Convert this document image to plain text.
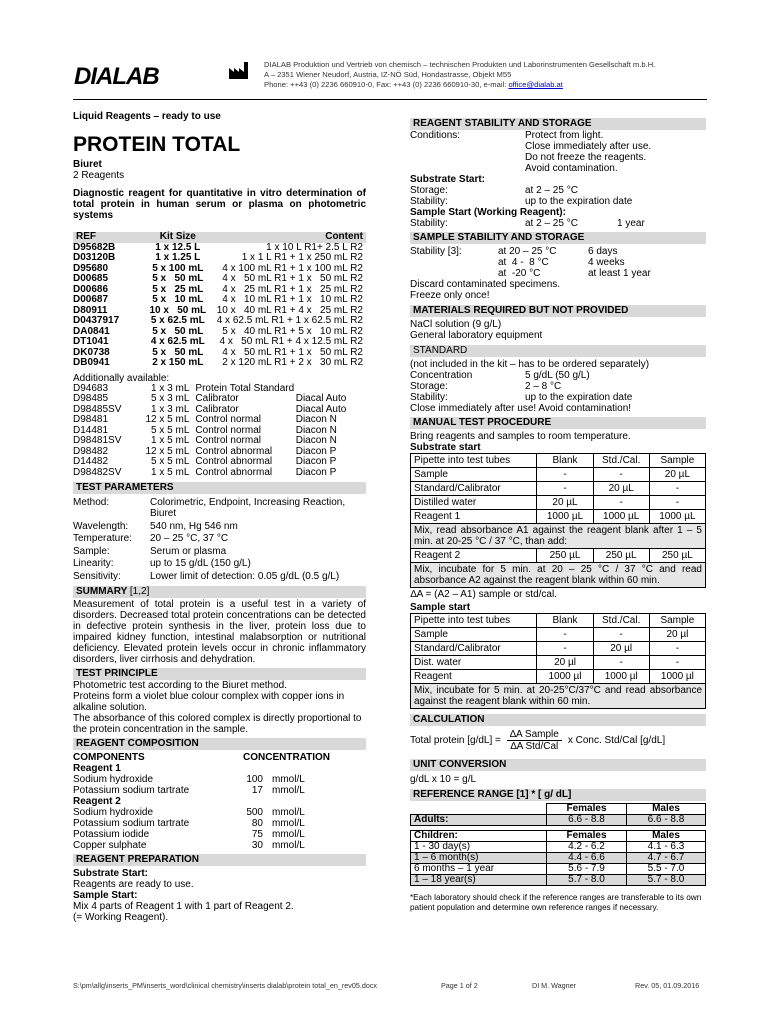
DIALAB	DIALAB Produktion und Vertrieb von chemisch – technischen Produkten und Laborinstrumenten Gesellschaft m.b.H.
A – 2351 Wiener Neudorf, Austria, IZ-NÖ Süd, Hondastrasse, Objekt M55
Phone: ++43 (0) 2236 660910-0, Fax: ++43 (0) 2236 660910-30, e-mail: office@dialab.at
Liquid Reagents – ready to use
PROTEIN TOTAL
Biuret
2 Reagents
Diagnostic reagent for quantitative in vitro determination of total protein in human serum or plasma on photometric systems
REF	Kit Size	Content
D95682B	1 x 12.5 L	1 x 10 L R1+ 2.5 L R2
D03120B	1 x 1.25 L	1 x 1 L R1 + 1 x 250 mL R2
D95680	5 x 100 mL	4 x 100 mL R1 + 1 x 100 mL R2
D00685	5 x   50 mL	4 x   50 mL R1 + 1 x   50 mL R2
D00686	5 x   25 mL	4 x   25 mL R1 + 1 x   25 mL R2
D00687	5 x   10 mL	4 x   10 mL R1 + 1 x   10 mL R2
D80911	10 x   50 mL	10 x   40 mL R1 + 4 x   25 mL R2
D0437917	5 x 62.5 mL	4 x 62.5 mL R1 + 1 x 62.5 mL R2
DA0841	5 x   50 mL	5 x   40 mL R1 + 5 x   10 mL R2
DT1041	4 x 62.5 mL	4 x   50 mL R1 + 4 x 12.5 mL R2
DK0738	5 x   50 mL	4 x   50 mL R1 + 1 x   50 mL R2
DB0941	2 x 150 mL	2 x 120 mL R1 + 2 x   30 mL R2
Additionally available:
D94683	1 x 3 mL	Protein Total Standard	
D98485	5 x 3 mL	Calibrator	Diacal Auto
D98485SV	1 x 3 mL	Calibrator	Diacal Auto
D98481	12 x 5 mL	Control normal	Diacon N
D14481	5 x 5 mL	Control normal	Diacon N
D98481SV	1 x 5 mL	Control normal	Diacon N
D98482	12 x 5 mL	Control abnormal	Diacon P
D14482	5 x 5 mL	Control abnormal	Diacon P
D98482SV	1 x 5 mL	Control abnormal	Diacon P
TEST PARAMETERS
Method:	Colorimetric, Endpoint, Increasing Reaction, Biuret
Wavelength:	540 nm, Hg 546 nm
Temperature:	20 – 25 °C, 37 °C
Sample:	Serum or plasma
Linearity:	up to 15 g/dL (150 g/L)
Sensitivity:	Lower limit of detection: 0.05 g/dL (0.5 g/L)
SUMMARY [1,2]
Measurement of total protein is a useful test in a variety of disorders. Decreased total protein concentrations can be detected in defective protein synthesis in the liver, protein loss due to impaired kidney function, intestinal malabsorption or nutritional deficiency. Elevated protein levels occur in chronic inflammatory disorders, liver cirrhosis and dehydration.
TEST PRINCIPLE
Photometric test according to the Biuret method.
Proteins form a violet blue colour complex with copper ions in alkaline solution.
The absorbance of this colored complex is directly proportional to the protein concentration in the sample.
REAGENT COMPOSITION
COMPONENTS	CONCENTRATION
Reagent 1
Sodium hydroxide	100 mmol/L
Potassium sodium tartrate	17 mmol/L
Reagent 2
Sodium hydroxide	500 mmol/L
Potassium sodium tartrate	80 mmol/L
Potassium iodide	75 mmol/L
Copper sulphate	30 mmol/L
REAGENT PREPARATION
Substrate Start:
Reagents are ready to use.
Sample Start:
Mix 4 parts of Reagent 1 with 1 part of Reagent 2.
(= Working Reagent).
REAGENT STABILITY AND STORAGE
Conditions:	Protect from light.
Close immediately after use.
Do not freeze the reagents.
Avoid contamination.
Substrate Start:
Storage:	at 2 – 25 °C
Stability:	up to the expiration date
Sample Start (Working Reagent):
Stability:	at 2 – 25 °C	1 year
SAMPLE STABILITY AND STORAGE
Stability [3]:	at 20 – 25 °C	6 days
at  4 -  8 °C	4 weeks
at  -20 °C	at least 1 year
Discard contaminated specimens.
Freeze only once!
MATERIALS REQUIRED BUT NOT PROVIDED
NaCl solution (9 g/L)
General laboratory equipment
STANDARD
(not included in the kit – has to be ordered separately)
Concentration	5 g/dL (50 g/L)
Storage:	2 – 8 °C
Stability:	up to the expiration date
Close immediately after use! Avoid contamination!
MANUAL TEST PROCEDURE
Bring reagents and samples to room temperature.
Substrate start
Pipette into test tubes	Blank	Std./Cal.	Sample
Sample	-	-	20 µL
Standard/Calibrator	-	20 µL	-
Distilled water	20 µL	-	-
Reagent 1	1000 µL	1000 µL	1000 µL
Mix, read absorbance A1 against the reagent blank after 1 – 5 min. at 20-25 °C / 37 °C, than add:			
Reagent 2	250 µL	250 µL	250 µL
Mix, incubate for 5 min. at 20 – 25 °C / 37 °C and read absorbance A2 against the reagent blank within 60 min.			
∆A = (A2 – A1) sample or std/cal.			
Sample start
Pipette into test tubes	Blank	Std./Cal.	Sample
Sample	-	-	20 µl
Standard/Calibrator	-	20 µl	-
Dist. water	20 µl	-	-
Reagent	1000 µl	1000 µl	1000 µl
Mix, incubate for 5 min. at 20-25°C/37°C and read absorbance against the reagent blank within 60 min.			
CALCULATION
Total protein [g/dL] =
∆A Sample
∆A Std/Cal
x Conc. Std/Cal [g/dL]
UNIT CONVERSION
g/dL x 10 = g/L
REFERENCE RANGE [1] * [ g/ dL]
	Females	Males
Adults:	6.6 - 8.8	6.6 - 8.8
Children:	Females	Males
1 - 30 day(s)	4.2 - 6.2	4.1 - 6.3
1 – 6 month(s)	4.4 - 6.6	4.7 - 6.7
6 months – 1 year	5.6 - 7.9	5.5 - 7.0
1 – 18 year(s)	5.7 - 8.0	5.7 - 8.0
*Each laboratory should check if the reference ranges are transferable to its own patient population and determine own reference ranges if necessary.
S:\pm\allg\inserts_PM\inserts_word\clinical chemistry\inserts dialab\protein total_en_rev05.docx	Page 1 of 2	DI M. Wagner	Rev. 05, 01.09.2016
